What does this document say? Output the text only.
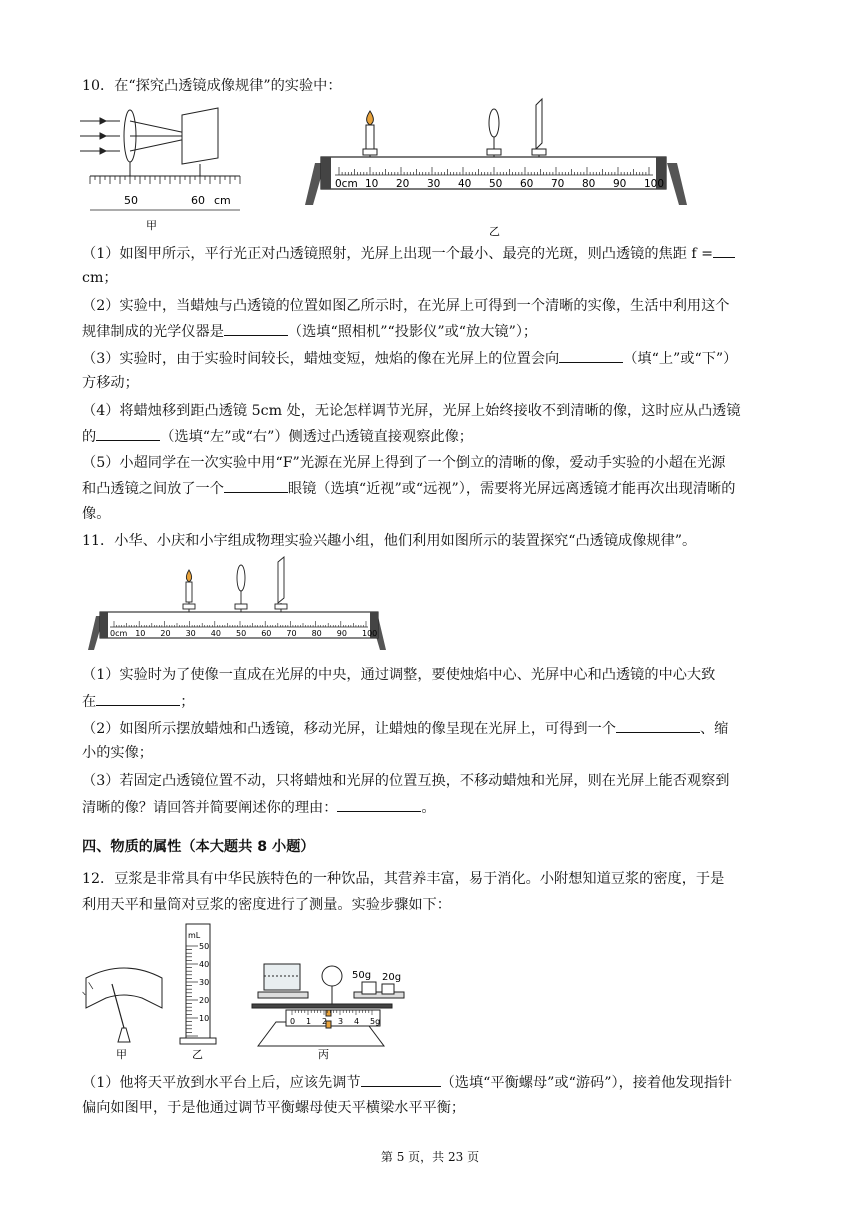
10．在“探究凸透镜成像规律”的实验中：
50	60 cm
甲
0cm 10 20 30 40 50 60 70 80 90 100
乙
（1）如图甲所示，平行光正对凸透镜照射，光屏上出现一个最小、最亮的光斑，则凸透镜的焦距 f =
cm；
（2）实验中，当蜡烛与凸透镜的位置如图乙所示时，在光屏上可得到一个清晰的实像，生活中利用这个
规律制成的光学仪器是	（选填“照相机”“投影仪”或“放大镜”）；
（3）实验时，由于实验时间较长，蜡烛变短，烛焰的像在光屏上的位置会向	（填“上”或“下”）
方移动；
（4）将蜡烛移到距凸透镜 5cm 处，无论怎样调节光屏，光屏上始终接收不到清晰的像，这时应从凸透镜
的	（选填“左”或“右”）侧透过凸透镜直接观察此像；
（5）小超同学在一次实验中用“F”光源在光屏上得到了一个倒立的清晰的像，爱动手实验的小超在光源
和凸透镜之间放了一个	眼镜（选填“近视”或“远视”），需要将光屏远离透镜才能再次出现清晰的
像。
11．小华、小庆和小宇组成物理实验兴趣小组，他们利用如图所示的装置探究“凸透镜成像规律”。
0cm 10 20 30 40 50 60 70 80 90 100
（1）实验时为了使像一直成在光屏的中央，通过调整，要使烛焰中心、光屏中心和凸透镜的中心大致
在	；
（2）如图所示摆放蜡烛和凸透镜，移动光屏，让蜡烛的像呈现在光屏上，可得到一个	、缩
小的实像；
（3）若固定凸透镜位置不动，只将蜡烛和光屏的位置互换，不移动蜡烛和光屏，则在光屏上能否观察到
清晰的像？请回答并简要阐述你的理由：	。
四、物质的属性（本大题共 8 小题）
12．豆浆是非常具有中华民族特色的一种饮品，其营养丰富，易于消化。小附想知道豆浆的密度，于是
利用天平和量筒对豆浆的密度进行了测量。实验步骤如下：
甲
mL
50
40
30
20
10
乙
0 1 2 3 4 5g
50g 20g
丙
（1）他将天平放到水平台上后，应该先调节	（选填“平衡螺母”或“游码”），接着他发现指针
偏向如图甲，于是他通过调节平衡螺母使天平横梁水平平衡；
第 5 页，共 23 页
